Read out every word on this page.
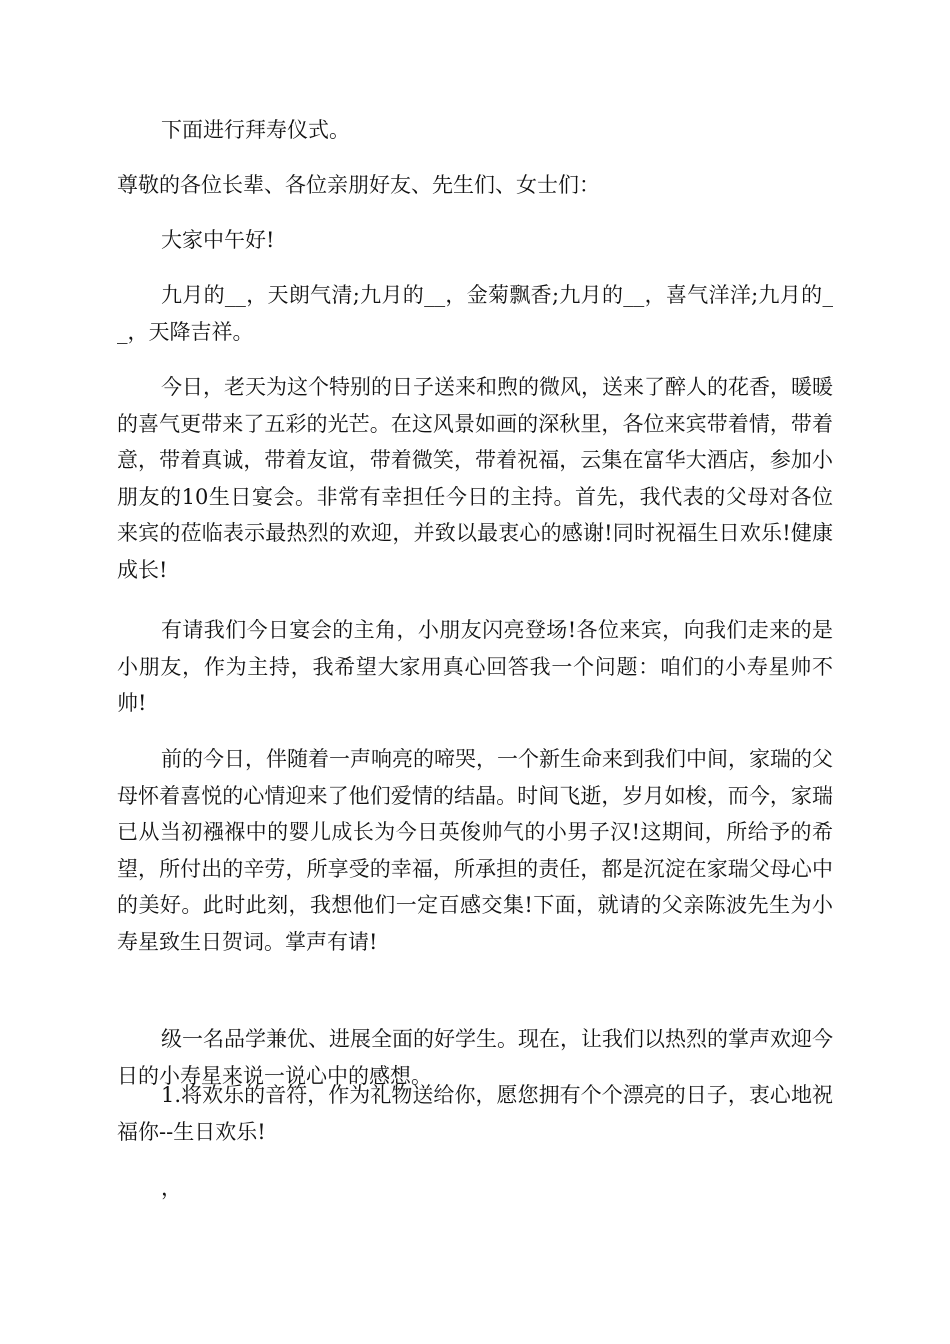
下面进行拜寿仪式。

尊敬的各位长辈、各位亲朋好友、先生们、女士们：

大家中午好!

九月的__，天朗气清;九月的__，金菊飘香;九月的__，喜气洋洋;九月的__，天降吉祥。

今日，老天为这个特别的日子送来和煦的微风，送来了醉人的花香，暖暖的喜气更带来了五彩的光芒。在这风景如画的深秋里，各位来宾带着情，带着意，带着真诚，带着友谊，带着微笑，带着祝福，云集在富华大酒店，参加小朋友的10生日宴会。非常有幸担任今日的主持。首先，我代表的父母对各位来宾的莅临表示最热烈的欢迎，并致以最衷心的感谢!同时祝福生日欢乐!健康成长!

有请我们今日宴会的主角，小朋友闪亮登场!各位来宾，向我们走来的是小朋友，作为主持，我希望大家用真心回答我一个问题：咱们的小寿星帅不帅!

前的今日，伴随着一声响亮的啼哭，一个新生命来到我们中间，家瑞的父母怀着喜悦的心情迎来了他们爱情的结晶。时间飞逝，岁月如梭，而今，家瑞已从当初襁褓中的婴儿成长为今日英俊帅气的小男子汉!这期间，所给予的希望，所付出的辛劳，所享受的幸福，所承担的责任，都是沉淀在家瑞父母心中的美好。此时此刻，我想他们一定百感交集!下面，就请的父亲陈波先生为小寿星致生日贺词。掌声有请!

级一名品学兼优、进展全面的好学生。现在，让我们以热烈的掌声欢迎今日的小寿星来说一说心中的感想。

1.将欢乐的音符，作为礼物送给你，愿您拥有个个漂亮的日子，衷心地祝福你--生日欢乐!

，
